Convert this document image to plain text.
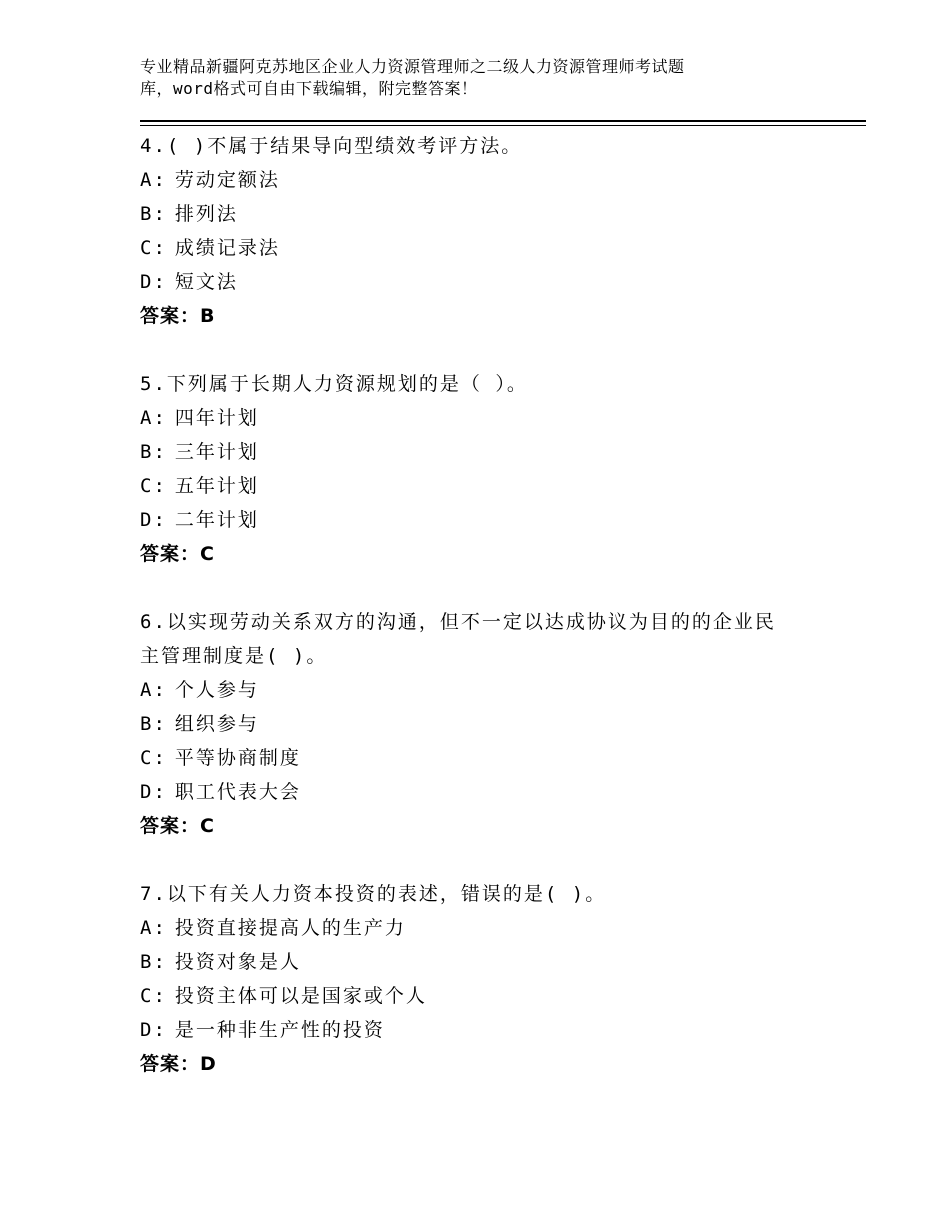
专业精品新疆阿克苏地区企业人力资源管理师之二级人力资源管理师考试题
库，word格式可自由下载编辑，附完整答案！
4.( )不属于结果导向型绩效考评方法。
A: 劳动定额法
B: 排列法
C: 成绩记录法
D: 短文法
答案：B
5.下列属于长期人力资源规划的是（ ）。
A: 四年计划
B: 三年计划
C: 五年计划
D: 二年计划
答案：C
6.以实现劳动关系双方的沟通，但不一定以达成协议为目的的企业民
主管理制度是( )。
A: 个人参与
B: 组织参与
C: 平等协商制度
D: 职工代表大会
答案：C
7.以下有关人力资本投资的表述，错误的是( )。
A: 投资直接提高人的生产力
B: 投资对象是人
C: 投资主体可以是国家或个人
D: 是一种非生产性的投资
答案：D
